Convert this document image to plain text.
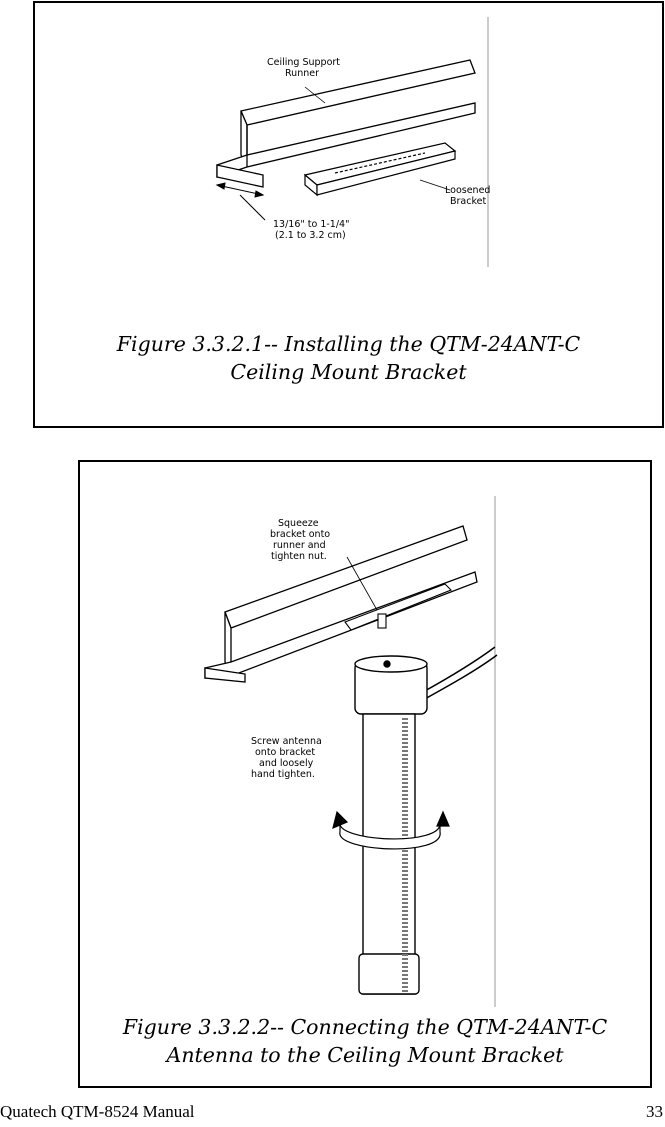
Ceiling Support
Runner
Loosened
Bracket
13/16" to 1-1/4"
(2.1 to 3.2 cm)
Figure 3.3.2.1-- Installing the QTM-24ANT-C
Ceiling Mount Bracket
Squeeze
bracket onto
runner and
tighten nut.
Screw antenna
onto bracket
and loosely
hand tighten.
Figure 3.3.2.2-- Connecting the QTM-24ANT-C
Antenna to the Ceiling Mount Bracket
Quatech QTM-8524 Manual	33
